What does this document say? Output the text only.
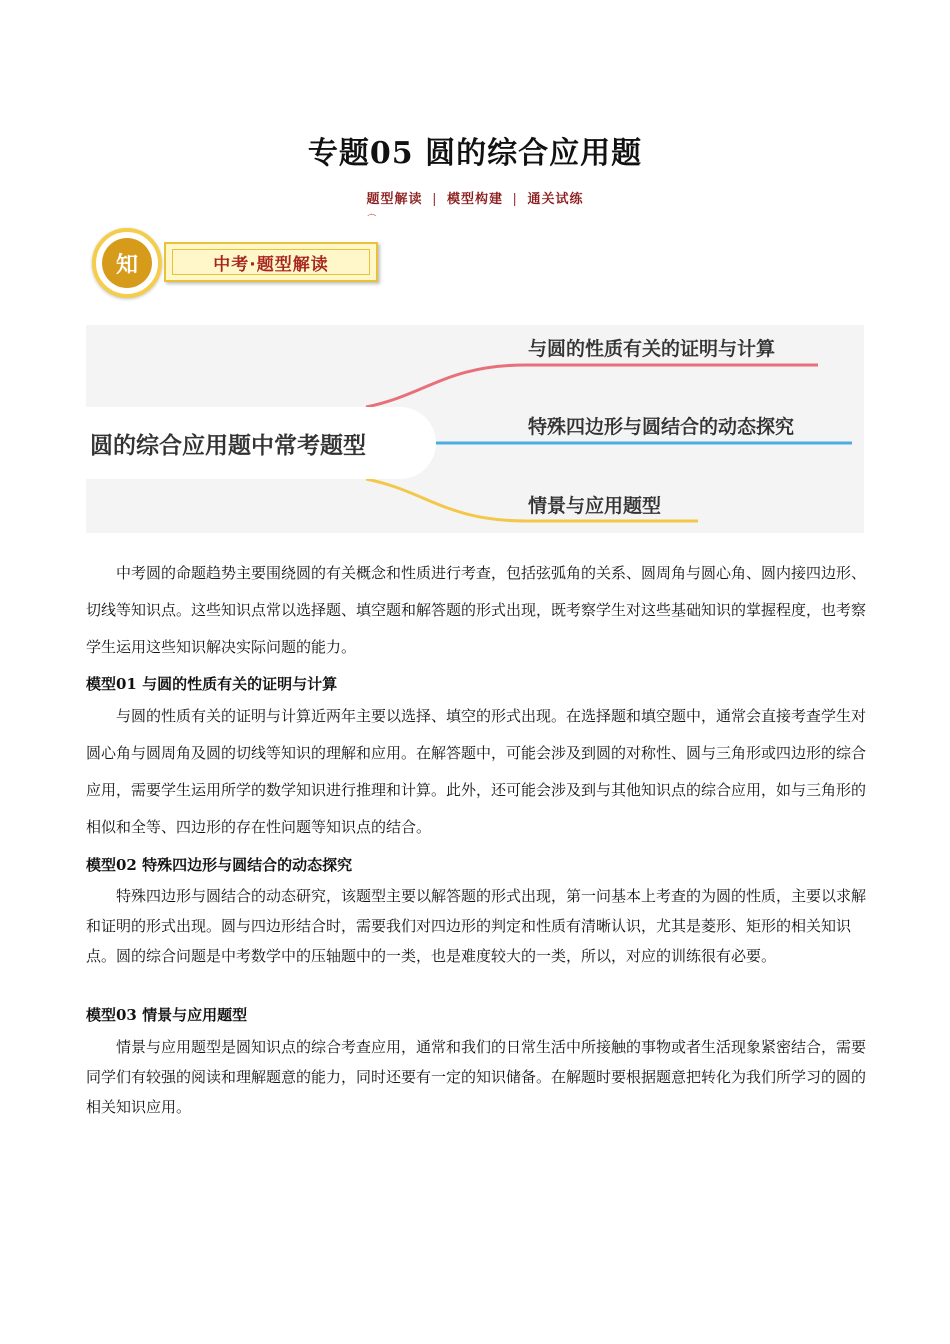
专题05 圆的综合应用题
题型解读 | 模型构建 | 通关试练
෴
中考·题型解读
知
圆的综合应用题中常考题型
与圆的性质有关的证明与计算
特殊四边形与圆结合的动态探究
情景与应用题型

中考圆的命题趋势主要围绕圆的有关概念和性质进行考查，包括弦弧角的关系、圆周角与圆心角、圆内接四边形、切线等知识点。这些知识点常以选择题、填空题和解答题的形式出现，既考察学生对这些基础知识的掌握程度，也考察学生运用这些知识解决实际问题的能力。

模型01 与圆的性质有关的证明与计算

与圆的性质有关的证明与计算近两年主要以选择、填空的形式出现。在选择题和填空题中，通常会直接考查学生对圆心角与圆周角及圆的切线等知识的理解和应用。在解答题中，可能会涉及到圆的对称性、圆与三角形或四边形的综合应用，需要学生运用所学的数学知识进行推理和计算。此外，还可能会涉及到与其他知识点的综合应用，如与三角形的相似和全等、四边形的存在性问题等知识点的结合。

模型02 特殊四边形与圆结合的动态探究

特殊四边形与圆结合的动态研究，该题型主要以解答题的形式出现，第一问基本上考查的为圆的性质，主要以求解和证明的形式出现。圆与四边形结合时，需要我们对四边形的判定和性质有清晰认识，尤其是菱形、矩形的相关知识点。圆的综合问题是中考数学中的压轴题中的一类，也是难度较大的一类，所以，对应的训练很有必要。

模型03 情景与应用题型

情景与应用题型是圆知识点的综合考查应用，通常和我们的日常生活中所接触的事物或者生活现象紧密结合，需要同学们有较强的阅读和理解题意的能力，同时还要有一定的知识储备。在解题时要根据题意把转化为我们所学习的圆的相关知识应用。
